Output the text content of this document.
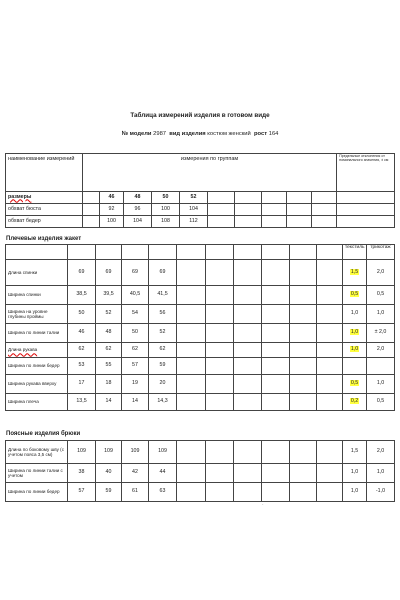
Таблица измерений изделия в готовом виде
№ модели 2987 вид изделия костюм женский рост 164
наименование измерений	измерения по группам										Предельные отклонения от номинального значения, ± см
размеры		46	48	50	52						
обхват бюста		92	96	100	104						
обхват бедер		100	104	108	112						
Плечевые изделия жакет
											текстиль	трикотаж
Длина спинки	69	69	69	69							1,5	2,0
Ширина спинки	38,5	39,5	40,5	41,5							0,5	0,5
Ширина на уровне глубины проймы	50	52	54	56							1,0	1,0
Ширина по линии талии	46	48	50	52							1,0	± 2,0
Длина рукава	62	62	62	62							1,0	2,0
Ширина по линии бедер	53	55	57	59								
Ширина рукава вверху	17	18	19	20							0,5	1,0
Ширина плеча	13,5	14	14	14,3							0,2	0,5
Поясные изделия брюки
Длина по боковому шву (с учетом пояса 3,5 см)	109	109	109	109							1,5	2,0
Ширина по линии талии с учетом	38	40	42	44							1,0	1,0
Ширина по линии бедер	57	59	61	63							1,0	-1,0
·
